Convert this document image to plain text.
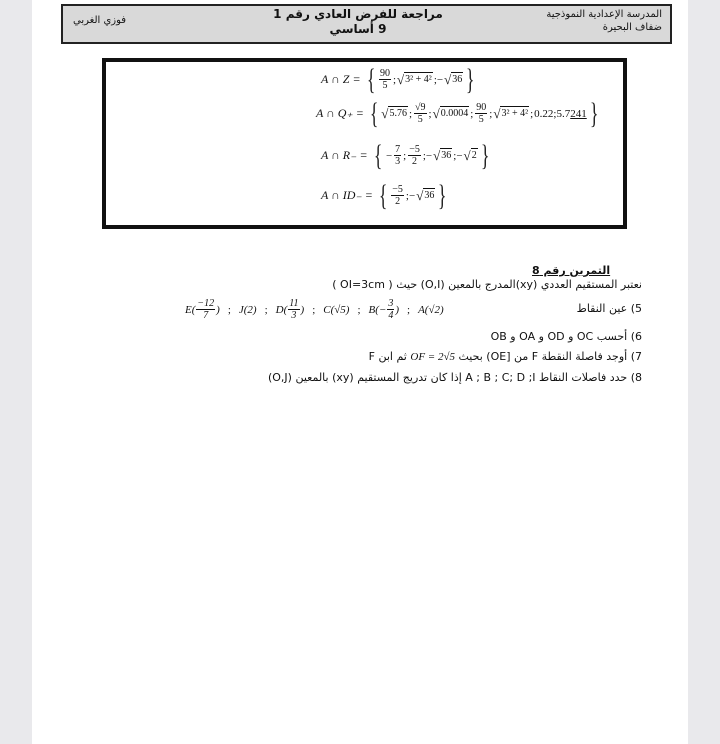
المدرسة الإعدادية النموذجية
ضفاف البحيرة
مراجعة للفرض العادي رقم 1
9 أساسي
فوزي الغربي
A ∩ Z = { $\frac{90}{5}$ ; √ 3² + 4² ;− √ 36 }
A ∩ Q₊ = { √ 5.76 ; $\frac{√9}{5}$ ; √ 0.0004 ; $\frac{90}{5}$ ; √ 3² + 4² ; 0.22;5.7 241 }
A ∩ R₋ = { − $\frac{7}{3}$ ; $\frac{-5}{2}$ ;− √ 36 ;− √ 2 }
A ∩ ID₋ = { $\frac{-5}{2}$ ;− √ 36 }
التمرين رقم 8
نعتبر المستقيم العددي (xy)المدرج بالمعين (O,I) حيث ( OI=3cm )
5) عين النقاط
$E( \frac{-12}{7}$ ) ; J(2) ; $D( \frac{11}{3}$ ) ; C(√5) ; $B(- \frac{3}{4}$ ) ; A(√2)
6) أحسب OC و OD و OA و OB
7) أوجد فاصلة النقطة F من [OE) بحيث OF = 2√5 ثم ابن F
8) حدد فاصلات النقاط A ; B ; C; D ;I إذا كان تدريج المستقيم (xy) بالمعين (O,J)
